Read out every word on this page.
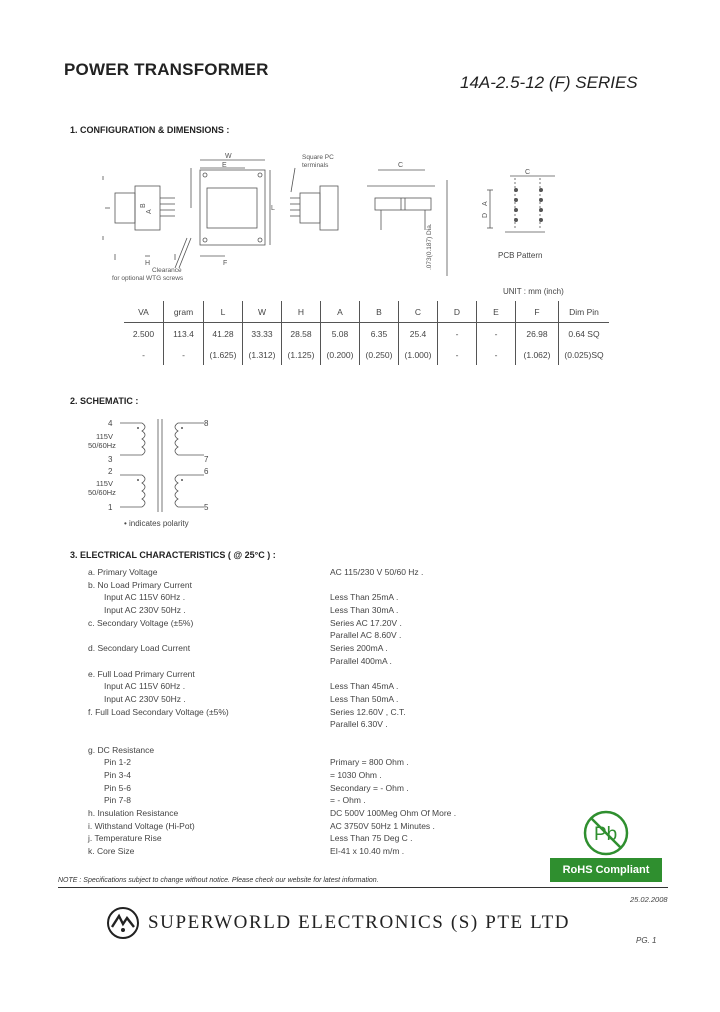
POWER TRANSFORMER
14A-2.5-12 (F) SERIES
1. CONFIGURATION & DIMENSIONS :
W
E
F
H
L
C
C
A
D
B
A
Square PC
terminals
Clearance
for optional WTG screws
PCB Pattern
.073(0.187) Dia.
UNIT : mm (inch)
VA	gram	L	W	H	A	B	C	D	E	F	Dim Pin
2.500	113.4	41.28	33.33	28.58	5.08	6.35	25.4	-	-	26.98	0.64 SQ
-	-	(1.625)	(1.312)	(1.125)	(0.200)	(0.250)	(1.000)	-	-	(1.062)	(0.025)SQ
2. SCHEMATIC :
4
3
2
1
8
7
6
5
115V
50/60Hz
115V
50/60Hz
• indicates polarity
3. ELECTRICAL CHARACTERISTICS ( @ 25°C ) :
a. Primary Voltage	AC 115/230 V 50/60 Hz .
b. No Load Primary Current
Input AC 115V 60Hz .	Less Than 25mA .
Input AC 230V 50Hz .	Less Than 30mA .
c. Secondary Voltage (±5%)	Series AC 17.20V .
Parallel AC 8.60V .
d. Secondary Load Current	Series 200mA .
Parallel 400mA .
e. Full Load Primary Current
Input AC 115V 60Hz .	Less Than 45mA .
Input AC 230V 50Hz .	Less Than 50mA .
f. Full Load Secondary Voltage (±5%)	Series 12.60V , C.T.
Parallel 6.30V .
g. DC Resistance
Pin 1-2	Primary = 800 Ohm .
Pin 3-4	= 1030 Ohm .
Pin 5-6	Secondary = - Ohm .
Pin 7-8	= - Ohm .
h. Insulation Resistance	DC 500V 100Meg Ohm Of More .
i. Withstand Voltage (Hi-Pot)	AC 3750V 50Hz 1 Minutes .
j. Temperature Rise	Less Than 75 Deg C .
k. Core Size	EI-41 x 10.40 m/m .
Pb
RoHS Compliant
NOTE : Specifications subject to change without notice. Please check our website for latest information.
25.02.2008
SUPERWORLD ELECTRONICS (S) PTE LTD
PG. 1
